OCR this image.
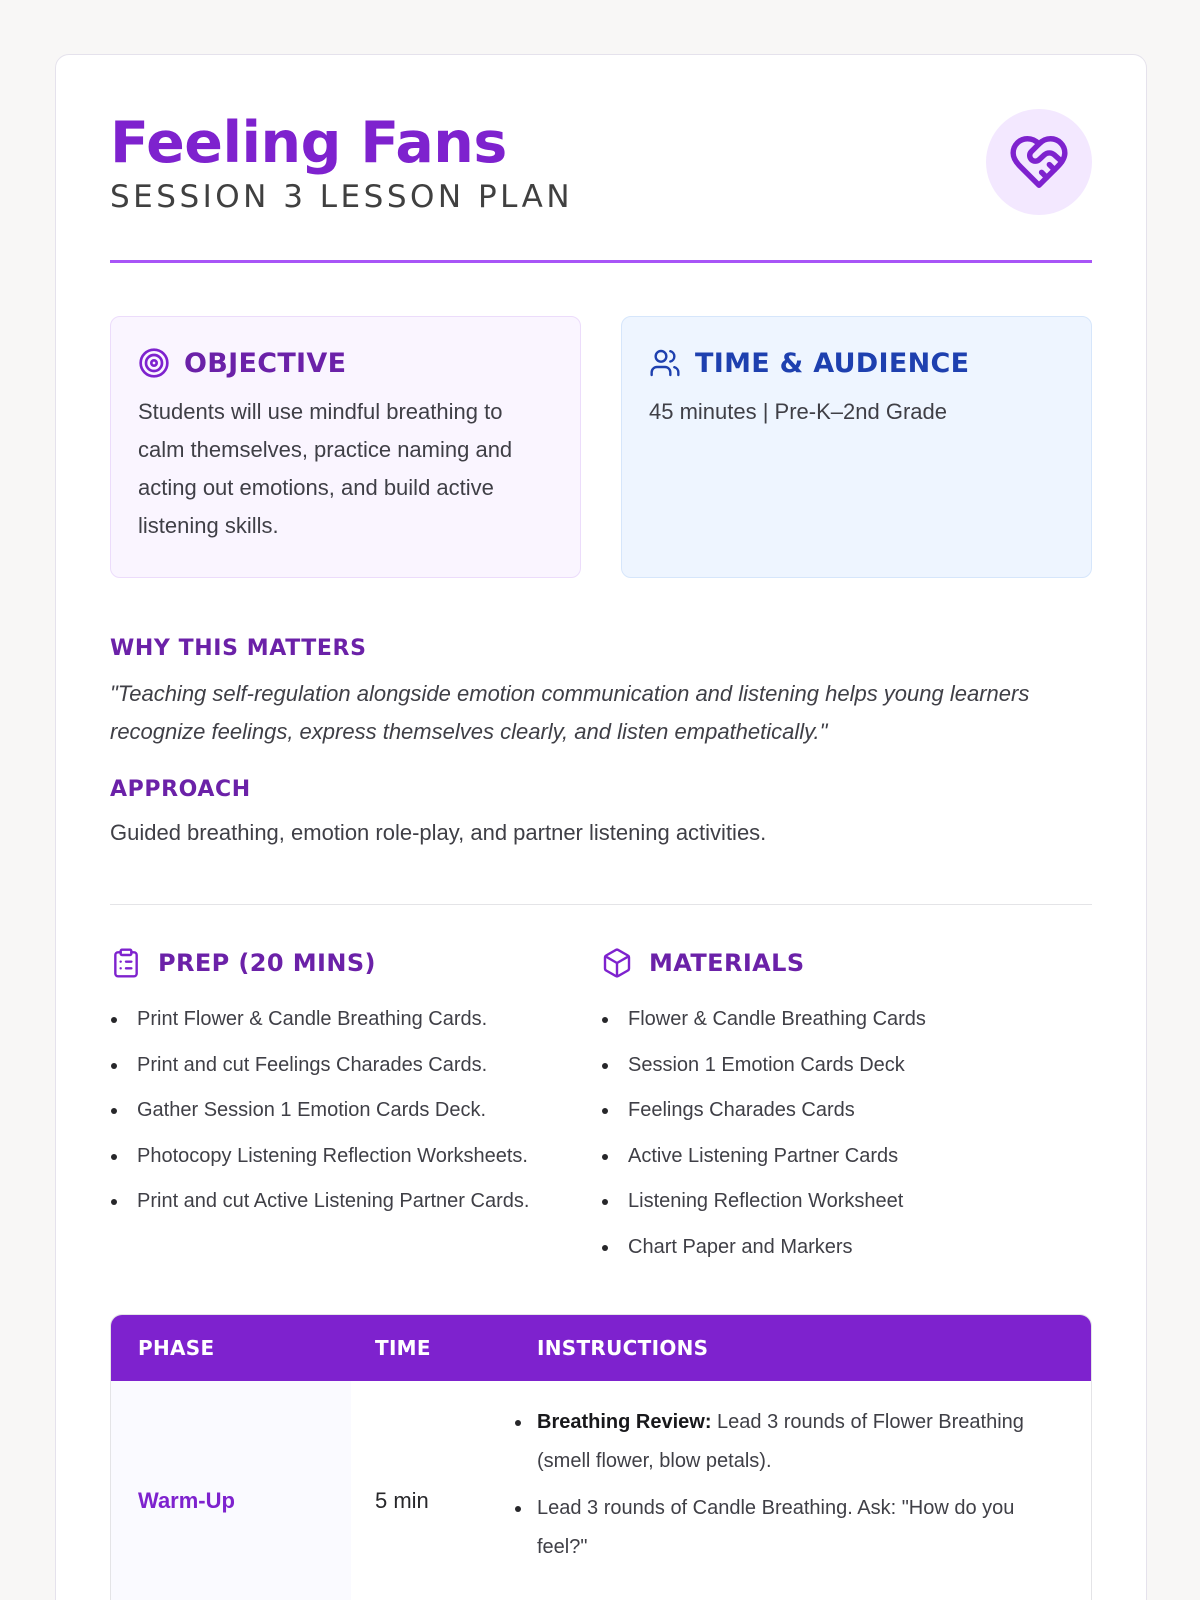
Feeling Fans
SESSION 3 LESSON PLAN
OBJECTIVE

Students will use mindful breathing to calm themselves, practice naming and acting out emotions, and build active listening skills.

TIME & AUDIENCE

45 minutes | Pre-K–2nd Grade

WHY THIS MATTERS

"Teaching self-regulation alongside emotion communication and listening helps young learners recognize feelings, express themselves clearly, and listen empathetically."

APPROACH

Guided breathing, emotion role-play, and partner listening activities.

PREP (20 MINS)
Print Flower & Candle Breathing Cards.
Print and cut Feelings Charades Cards.
Gather Session 1 Emotion Cards Deck.
Photocopy Listening Reflection Worksheets.
Print and cut Active Listening Partner Cards.
MATERIALS
Flower & Candle Breathing Cards
Session 1 Emotion Cards Deck
Feelings Charades Cards
Active Listening Partner Cards
Listening Reflection Worksheet
Chart Paper and Markers
PHASE	TIME	INSTRUCTIONS
Warm-Up	5 min
Breathing Review: Lead 3 rounds of Flower Breathing (smell flower, blow petals).
Lead 3 rounds of Candle Breathing. Ask: "How do you feel?"
